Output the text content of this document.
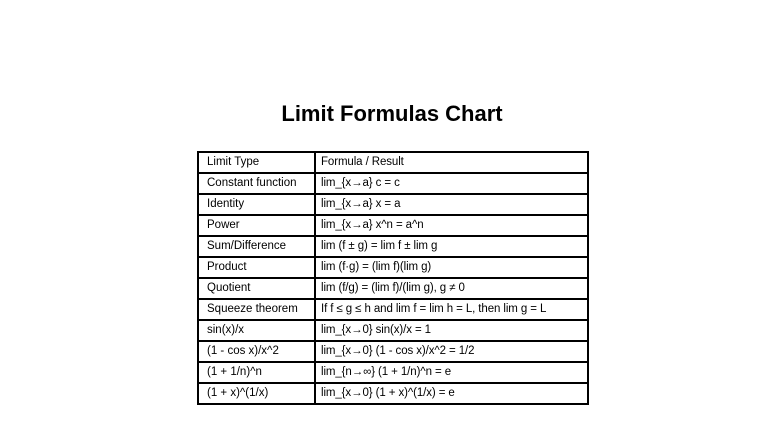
Limit Formulas Chart
Limit Type	Formula / Result
Constant function	lim_{x→a} c = c
Identity	lim_{x→a} x = a
Power	lim_{x→a} x^n = a^n
Sum/Difference	lim (f ± g) = lim f ± lim g
Product	lim (f·g) = (lim f)(lim g)
Quotient	lim (f/g) = (lim f)/(lim g), g ≠ 0
Squeeze theorem	If f ≤ g ≤ h and lim f = lim h = L, then lim g = L
sin(x)/x	lim_{x→0} sin(x)/x = 1
(1 - cos x)/x^2	lim_{x→0} (1 - cos x)/x^2 = 1/2
(1 + 1/n)^n	lim_{n→∞} (1 + 1/n)^n = e
(1 + x)^(1/x)	lim_{x→0} (1 + x)^(1/x) = e
